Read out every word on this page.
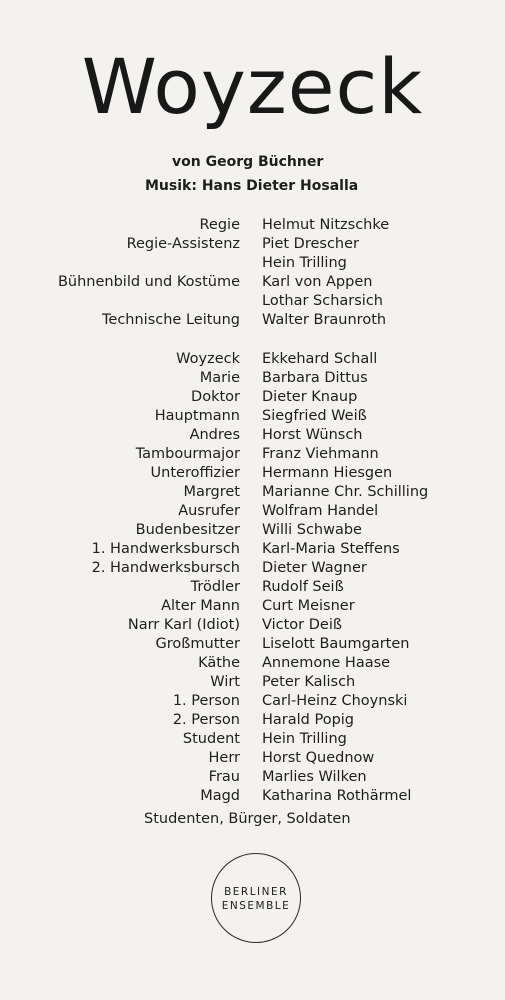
Woyzeck
von Georg Büchner
Musik: Hans Dieter Hosalla
Regie Helmut Nitzschke
Regie-Assistenz Piet Drescher
Hein Trilling
Bühnenbild und Kostüme Karl von Appen
Lothar Scharsich
Technische Leitung Walter Braunroth
Woyzeck Ekkehard Schall
Marie Barbara Dittus
Doktor Dieter Knaup
Hauptmann Siegfried Weiß
Andres Horst Wünsch
Tambourmajor Franz Viehmann
Unteroffizier Hermann Hiesgen
Margret Marianne Chr. Schilling
Ausrufer Wolfram Handel
Budenbesitzer Willi Schwabe
1. Handwerksbursch Karl-Maria Steffens
2. Handwerksbursch Dieter Wagner
Trödler Rudolf Seiß
Alter Mann Curt Meisner
Narr Karl (Idiot) Victor Deiß
Großmutter Liselott Baumgarten
Käthe Annemone Haase
Wirt Peter Kalisch
1. Person Carl-Heinz Choynski
2. Person Harald Popig
Student Hein Trilling
Herr Horst Quednow
Frau Marlies Wilken
Magd Katharina Rothärmel
Studenten, Bürger, Soldaten
BERLINER
ENSEMBLE
